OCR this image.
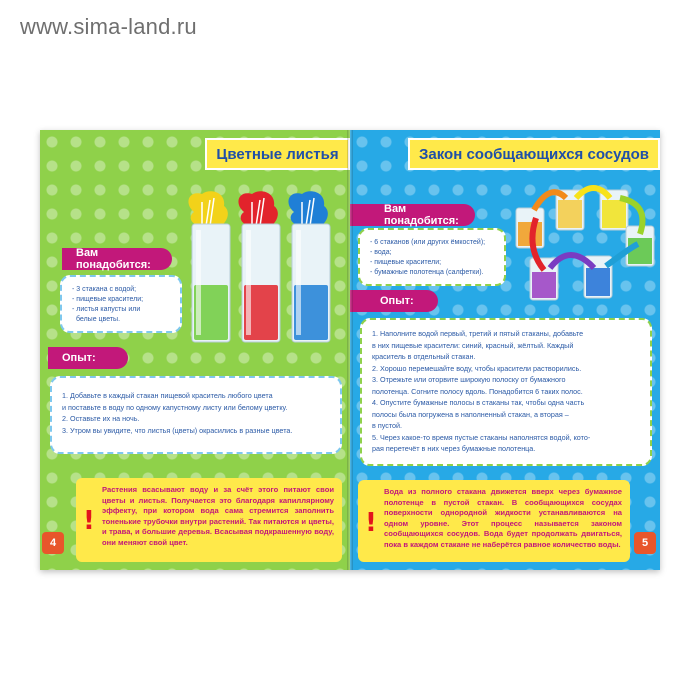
www.sima-land.ru
Цветные листья
Вам понадобится:
- 3 стакана с водой;
- пищевые красители;
- листья капусты или
белые цветы.
Опыт:
1. Добавьте в каждый стакан пищевой краситель любого цвета
и поставьте в воду по одному капустному листу или белому цветку.
2. Оставьте их на ночь.
3. Утром вы увидите, что листья (цветы) окрасились в разные цвета.
!

Растения всасывают воду и за счёт этого питают свои цветы и листья. Получается это благодаря капиллярному эффекту, при котором вода сама стремится заполнить тоненькие трубочки внутри растений. Так питаются и цветы, и трава, и большие деревья. Всасывая подкрашенную воду, они меняют свой цвет.

4
Закон сообщающихся сосудов
Вам понадобится:
- 6 стаканов (или других ёмкостей);
- вода;
- пищевые красители;
- бумажные полотенца (салфетки).
Опыт:
1. Наполните водой первый, третий и пятый стаканы, добавьте
в них пищевые красители: синий, красный, жёлтый. Каждый
краситель в отдельный стакан.
2. Хорошо перемешайте воду, чтобы красители растворились.
3. Отрежьте или оторвите широкую полоску от бумажного
полотенца. Согните полосу вдоль. Понадобится 6 таких полос.
4. Опустите бумажные полосы в стаканы так, чтобы одна часть
полосы была погружена в наполненный стакан, а вторая –
в пустой.
5. Через какое-то время пустые стаканы наполнятся водой, кото-
рая перетечёт в них через бумажные полотенца.
!

Вода из полного стакана движется вверх через бумажное полотенце в пустой стакан. В сообщающихся сосудах поверхности однородной жидкости устанавливаются на одном уровне. Этот процесс называется законом сообщающихся сосудов. Вода будет продолжать двигаться, пока в каждом стакане не наберётся равное количество воды.	5
